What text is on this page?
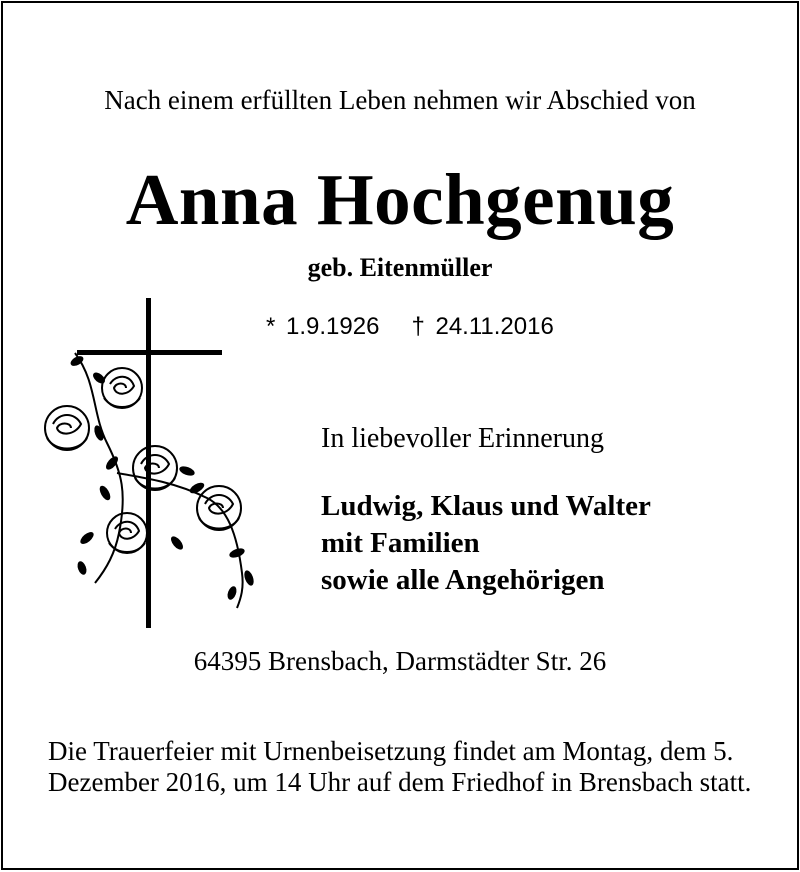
Nach einem erfüllten Leben nehmen wir Abschied von
Anna Hochgenug
geb. Eitenmüller
* 1.9.1926 † 24.11.2016
In liebevoller Erinnerung
Ludwig, Klaus und Walter
mit Familien
sowie alle Angehörigen
64395 Brensbach, Darmstädter Str. 26
Die Trauerfeier mit Urnenbeisetzung findet am Montag, dem 5. Dezember 2016, um 14 Uhr auf dem Friedhof in Brensbach statt.
